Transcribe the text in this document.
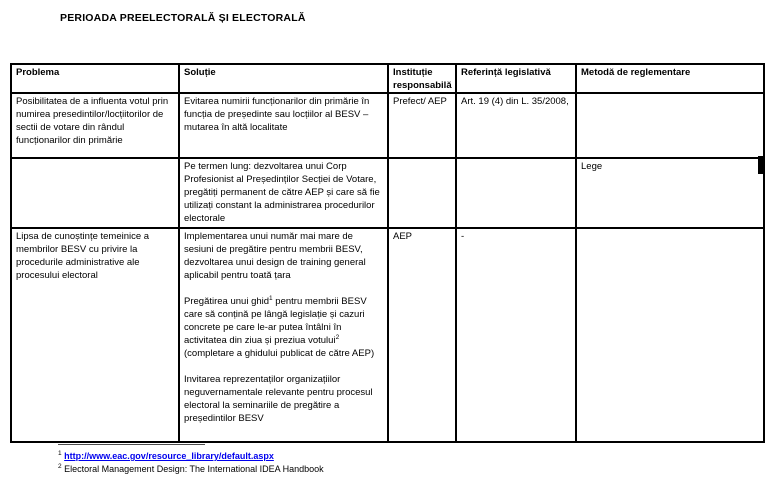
PERIOADA PREELECTORALĂ ȘI ELECTORALĂ
Problema	Soluție	Instituție responsabilă	Referință legislativă	Metodă de reglementare
Posibilitatea de a influenta votul prin numirea presedintilor/locțiitorilor de sectii de votare din rândul funcționarilor din primărie	Evitarea numirii funcționarilor din primărie în funcția de președinte sau locțiilor al BESV – mutarea în altă localitate	Prefect/ AEP	Art. 19 (4) din L. 35/2008,	
	Pe termen lung: dezvoltarea unui Corp Profesionist al Președinților Secției de Votare, pregătiți permanent de către AEP și care să fie utilizați constant la administrarea procedurilor electorale			Lege
Lipsa de cunoștințe temeinice a membrilor BESV cu privire la procedurile administrative ale procesului electoral	Implementarea unui număr mai mare de sesiuni de pregătire pentru membrii BESV, dezvoltarea unui design de training general aplicabil pentru toată țara
Pregătirea unui ghid$^1$ pentru membrii BESV care să conțină pe lângă legislație și cazuri concrete pe care le-ar putea întâlni în activitatea din ziua și preziua votului$^2$ (completare a ghidului publicat de către AEP)
Invitarea reprezentaților organizațiilor neguvernamentale relevante pentru procesul electoral la seminariile de pregătire a președintilor BESV	AEP	-	
$^1$ http://www.eac.gov/resource_library/default.aspx
$^2$ Electoral Management Design: The International IDEA Handbook
